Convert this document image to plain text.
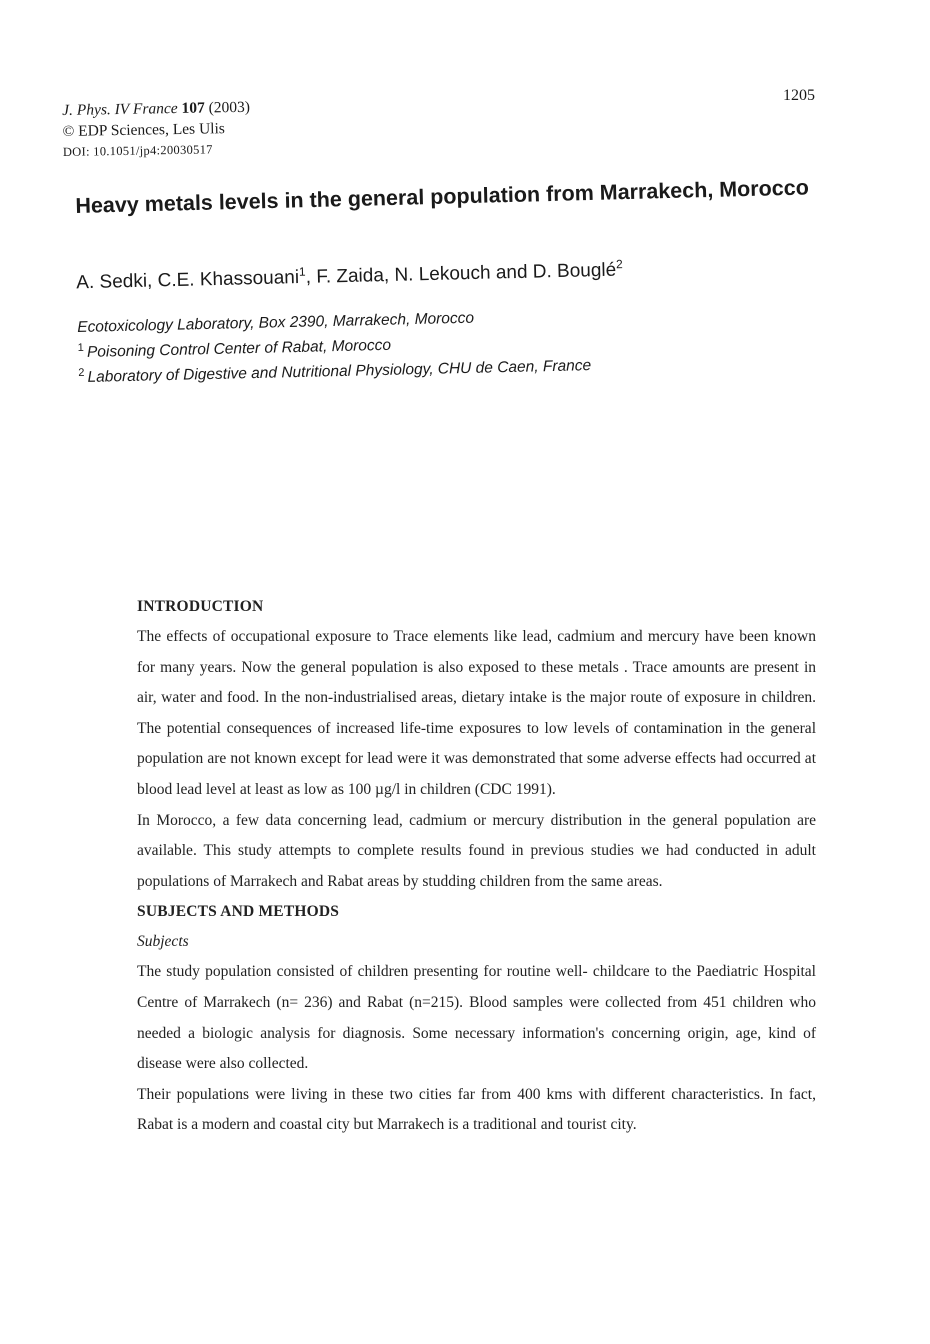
1205
J. Phys. IV France 107 (2003)
© EDP Sciences, Les Ulis
DOI: 10.1051/jp4:20030517
Heavy metals levels in the general population from Marrakech, Morocco
A. Sedki, C.E. Khassouani$^1$, F. Zaida, N. Lekouch and D. Bouglé$^2$
Ecotoxicology Laboratory, Box 2390, Marrakech, Morocco
$^1$ Poisoning Control Center of Rabat, Morocco
$^2$ Laboratory of Digestive and Nutritional Physiology, CHU de Caen, France
INTRODUCTION

The effects of occupational exposure to Trace elements like lead, cadmium and mercury have been known for many years. Now the general population is also exposed to these metals . Trace amounts are present in air, water and food. In the non-industrialised areas, dietary intake is the major route of exposure in children. The potential consequences of increased life-time exposures to low levels of contamination in the general population are not known except for lead were it was demonstrated that some adverse effects had occurred at blood lead level at least as low as 100 µg/l in children (CDC 1991).

In Morocco, a few data concerning lead, cadmium or mercury distribution in the general population are available. This study attempts to complete results found in previous studies we had conducted in adult populations of Marrakech and Rabat areas by studding children from the same areas.

SUBJECTS AND METHODS

Subjects

The study population consisted of children presenting for routine well- childcare to the Paediatric Hospital Centre of Marrakech (n= 236) and Rabat (n=215). Blood samples were collected from 451 children who needed a biologic analysis for diagnosis. Some necessary information's concerning origin, age, kind of disease were also collected.

Their populations were living in these two cities far from 400 kms with different characteristics. In fact, Rabat is a modern and coastal city but Marrakech is a traditional and tourist city.
